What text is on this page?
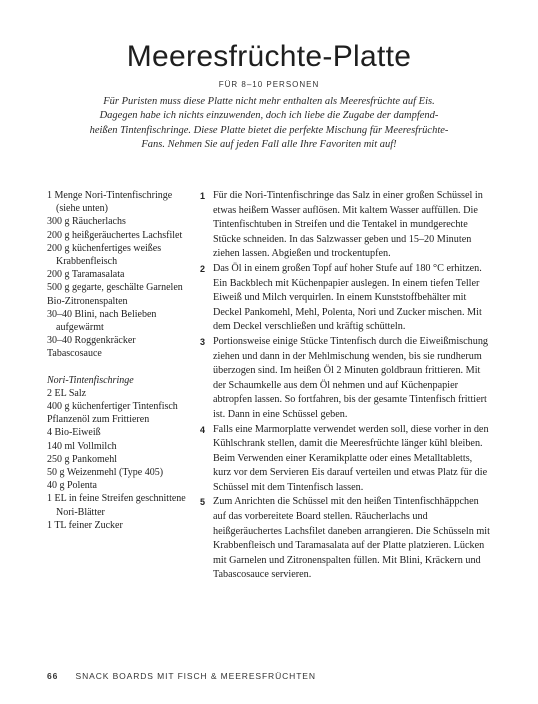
Meeresfrüchte-Platte
FÜR 8–10 PERSONEN

Für Puristen muss diese Platte nicht mehr enthalten als Meeresfrüchte auf Eis. Dagegen habe ich nichts einzuwenden, doch ich liebe die Zugabe der dampfend-heißen Tintenfischringe. Diese Platte bietet die perfekte Mischung für Meeresfrüchte-Fans. Nehmen Sie auf jeden Fall alle Ihre Favoriten mit auf!

1 Menge Nori-Tintenfischringe (siehe unten)
300 g Räucherlachs
200 g heißgeräuchertes Lachsfilet
200 g küchenfertiges weißes Krabbenfleisch
200 g Taramasalata
500 g gegarte, geschälte Garnelen
Bio-Zitronenspalten
30–40 Blini, nach Belieben aufgewärmt
30–40 Roggenkräcker
Tabascosauce
Nori-Tintenfischringe
2 EL Salz
400 g küchenfertiger Tintenfisch
Pflanzenöl zum Frittieren
4 Bio-Eiweiß
140 ml Vollmilch
250 g Pankomehl
50 g Weizenmehl (Type 405)
40 g Polenta
1 EL in feine Streifen geschnittene Nori-Blätter
1 TL feiner Zucker
1 Für die Nori-Tintenfischringe das Salz in einer großen Schüssel in etwas heißem Wasser auflösen. Mit kaltem Wasser auffüllen. Die Tintenfischtuben in Streifen und die Tentakel in mundgerechte Stücke schneiden. In das Salzwasser geben und 15–20 Minuten ziehen lassen. Abgießen und trockentupfen.
2 Das Öl in einem großen Topf auf hoher Stufe auf 180 °C erhitzen. Ein Backblech mit Küchenpapier auslegen. In einem tiefen Teller Eiweiß und Milch verquirlen. In einem Kunststoffbehälter mit Deckel Pankomehl, Mehl, Polenta, Nori und Zucker mischen. Mit dem Deckel verschließen und kräftig schütteln.
3 Portionsweise einige Stücke Tintenfisch durch die Eiweißmischung ziehen und dann in der Mehlmischung wenden, bis sie rundherum überzogen sind. Im heißen Öl 2 Minuten goldbraun frittieren. Mit der Schaumkelle aus dem Öl nehmen und auf Küchenpapier abtropfen lassen. So fortfahren, bis der gesamte Tintenfisch frittiert ist. Dann in eine Schüssel geben.
4 Falls eine Marmorplatte verwendet werden soll, diese vorher in den Kühlschrank stellen, damit die Meeresfrüchte länger kühl bleiben. Beim Verwenden einer Keramikplatte oder eines Metalltabletts, kurz vor dem Servieren Eis darauf verteilen und etwas Platz für die Schüssel mit dem Tintenfisch lassen.
5 Zum Anrichten die Schüssel mit den heißen Tintenfischhäppchen auf das vorbereitete Board stellen. Räucherlachs und heißgeräuchertes Lachsfilet daneben arrangieren. Die Schüsseln mit Krabbenfleisch und Taramasalata auf der Platte platzieren. Lücken mit Garnelen und Zitronenspalten füllen. Mit Blini, Kräckern und Tabascosauce servieren.
66 SNACK BOARDS MIT FISCH & MEERESFRÜCHTEN
